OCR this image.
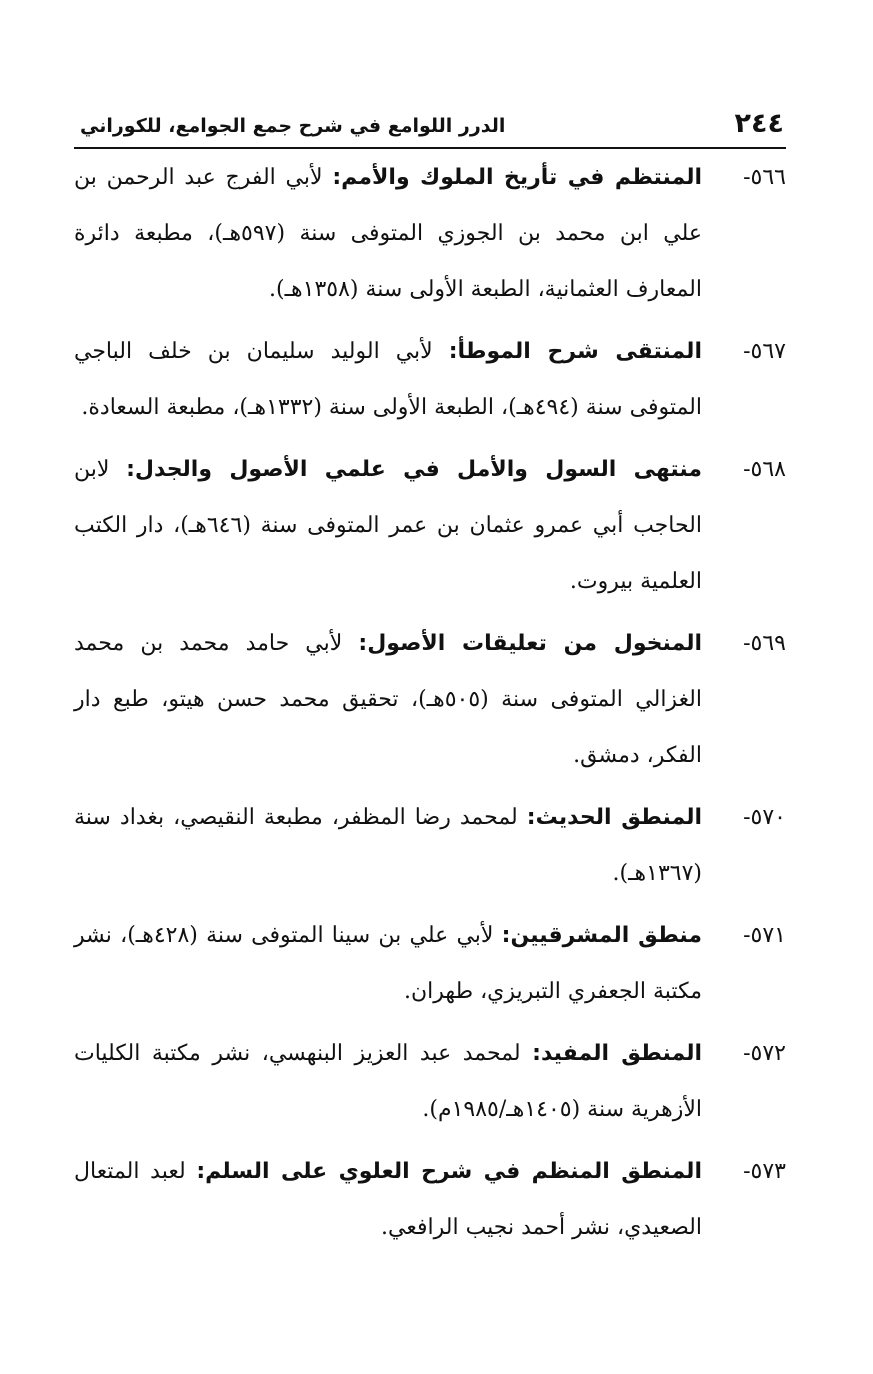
٢٤٤
الدرر اللوامع في شرح جمع الجوامع، للكوراني
٥٦٦-
المنتظم في تأريخ الملوك والأمم: لأبي الفرج عبد الرحمن بن علي ابن محمد بن الجوزي المتوفى سنة (٥٩٧هـ)، مطبعة دائرة المعارف العثمانية، الطبعة الأولى سنة (١٣٥٨هـ).
٥٦٧-
المنتقى شرح الموطأ: لأبي الوليد سليمان بن خلف الباجي المتوفى سنة (٤٩٤هـ)، الطبعة الأولى سنة (١٣٣٢هـ)، مطبعة السعادة.
٥٦٨-
منتهى السول والأمل في علمي الأصول والجدل: لابن الحاجب أبي عمرو عثمان بن عمر المتوفى سنة (٦٤٦هـ)، دار الكتب العلمية بيروت.
٥٦٩-
المنخول من تعليقات الأصول: لأبي حامد محمد بن محمد الغزالي المتوفى سنة (٥٠٥هـ)، تحقيق محمد حسن هيتو، طبع دار الفكر، دمشق.
٥٧٠-
المنطق الحديث: لمحمد رضا المظفر، مطبعة النقيصي، بغداد سنة (١٣٦٧هـ).
٥٧١-
منطق المشرقيين: لأبي علي بن سينا المتوفى سنة (٤٢٨هـ)، نشر مكتبة الجعفري التبريزي، طهران.
٥٧٢-
المنطق المفيد: لمحمد عبد العزيز البنهسي، نشر مكتبة الكليات الأزهرية سنة (١٤٠٥هـ/١٩٨٥م).
٥٧٣-
المنطق المنظم في شرح العلوي على السلم: لعبد المتعال الصعيدي، نشر أحمد نجيب الرافعي.
